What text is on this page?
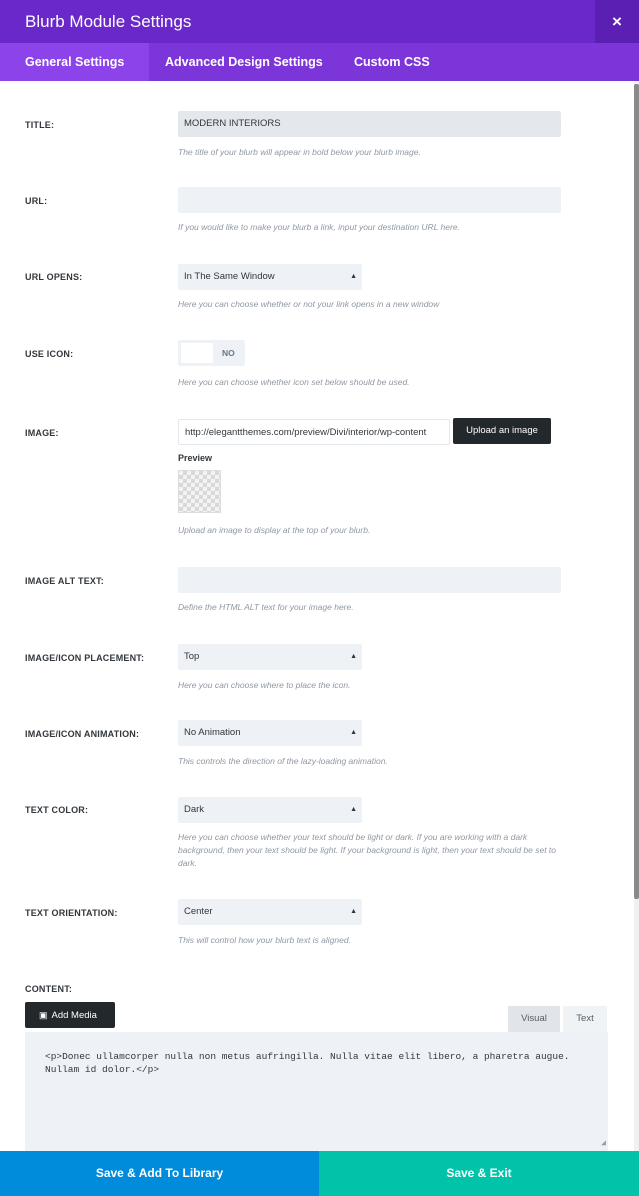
Blurb Module Settings	×
General Settings	Advanced Design Settings	Custom CSS
TITLE:	MODERN INTERIORS
The title of your blurb will appear in bold below your blurb image.
URL:
If you would like to make your blurb a link, input your destination URL here.
URL OPENS:	In The Same Window	▲

Here you can choose whether or not your link opens in a new window
USE ICON:	NO
Here you can choose whether icon set below should be used.
IMAGE:	http://elegantthemes.com/preview/Divi/interior/wp-content	Upload an image
Preview
Upload an image to display at the top of your blurb.
IMAGE ALT TEXT:
Define the HTML ALT text for your image here.
IMAGE/ICON PLACEMENT:	Top	▲
Here you can choose where to place the icon.
IMAGE/ICON ANIMATION:	No Animation	▲
This controls the direction of the lazy-loading animation.
TEXT COLOR:	Dark	▲
Here you can choose whether your text should be light or dark. If you are working with a dark background, then your text should be light. If your background is light, then your text should be set to dark.
TEXT ORIENTATION:	Center	▲
This will control how your blurb text is aligned.
CONTENT:
▣ Add Media	Visual	Text
<p>Donec ullamcorper nulla non metus aufringilla. Nulla vitae elit libero, a pharetra augue. Nullam id dolor.</p>
◢
Save & Add To Library	Save & Exit
